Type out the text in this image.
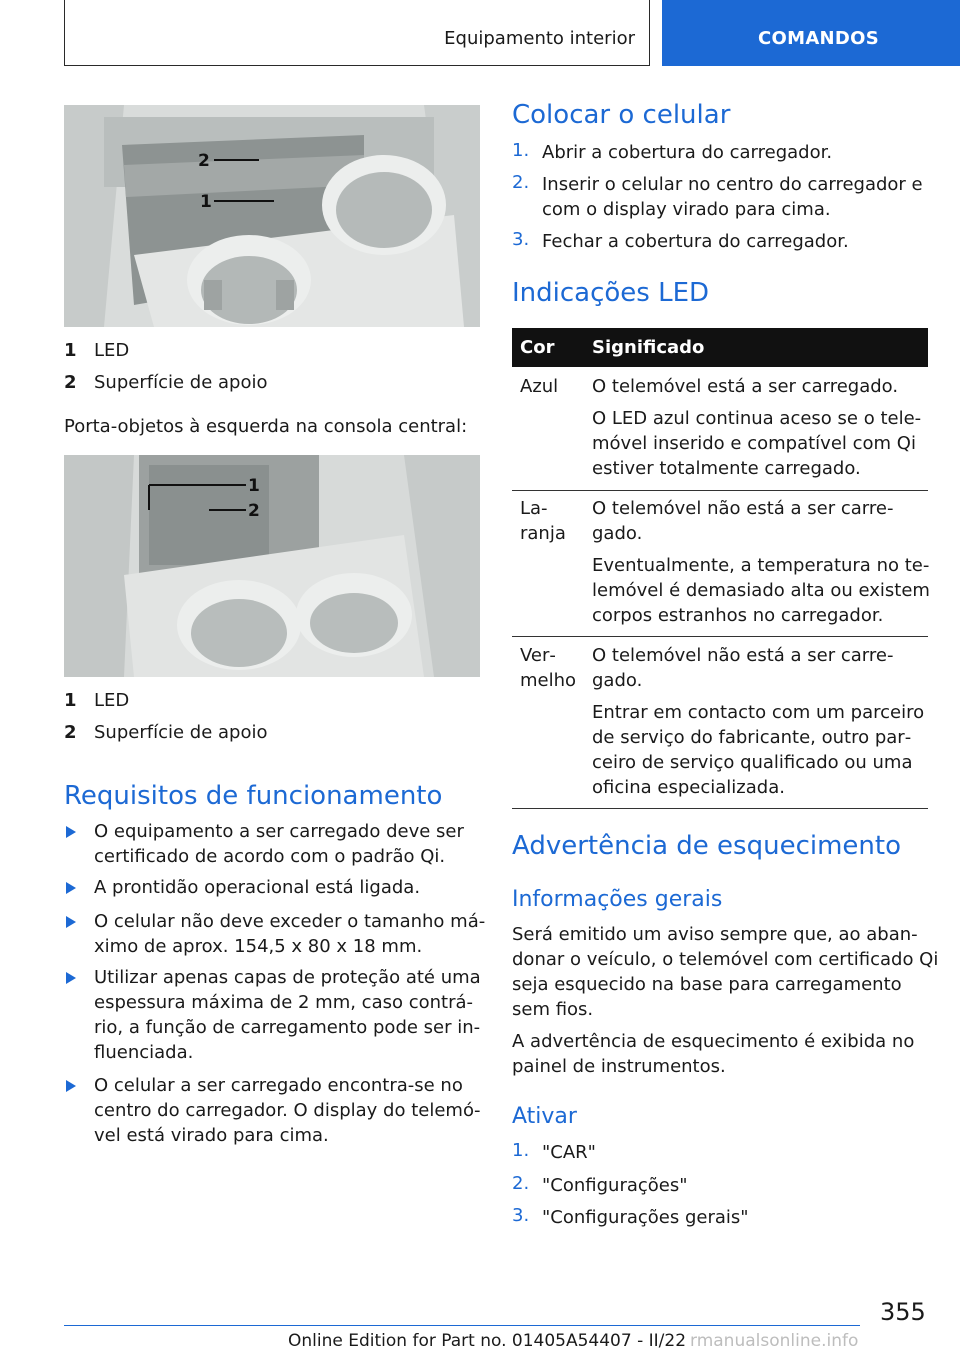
Equipamento interior	COMANDOS
2
1
1 LED
2 Superfície de apoio
Porta-objetos à esquerda na consola central:
1
2
1 LED
2 Superfície de apoio
Requisitos de funcionamento
O equipamento a ser carregado deve ser
certificado de acordo com o padrão Qi.
A prontidão operacional está ligada.
O celular não deve exceder o tamanho má‐
ximo de aprox. 154,5 x 80 x 18 mm.
Utilizar apenas capas de proteção até uma
espessura máxima de 2 mm, caso contrá‐
rio, a função de carregamento pode ser in‐
fluenciada.
O celular a ser carregado encontra-se no
centro do carregador. O display do telemó‐
vel está virado para cima.
Colocar o celular
1. Abrir a cobertura do carregador.
2. Inserir o celular no centro do carregador e
com o display virado para cima.
3. Fechar a cobertura do carregador.
Indicações LED
Cor Significado
Azul O telemóvel está a ser carregado.
O LED azul continua aceso se o tele‐
móvel inserido e compatível com Qi
estiver totalmente carregado.
La‐
ranja
O telemóvel não está a ser carre‐
gado.
Eventualmente, a temperatura no te‐
lemóvel é demasiado alta ou existem
corpos estranhos no carregador.
Ver‐
melho
O telemóvel não está a ser carre‐
gado.
Entrar em contacto com um parceiro
de serviço do fabricante, outro par‐
ceiro de serviço qualificado ou uma
oficina especializada.
Advertência de esquecimento
Informações gerais
Será emitido um aviso sempre que, ao aban‐
donar o veículo, o telemóvel com certificado Qi
seja esquecido na base para carregamento
sem fios.
A advertência de esquecimento é exibida no
painel de instrumentos.
Ativar
1. "CAR"
2. "Configurações"
3. "Configurações gerais"
355
Online Edition for Part no. 01405A54407 - II/22 rmanualsonline.info
